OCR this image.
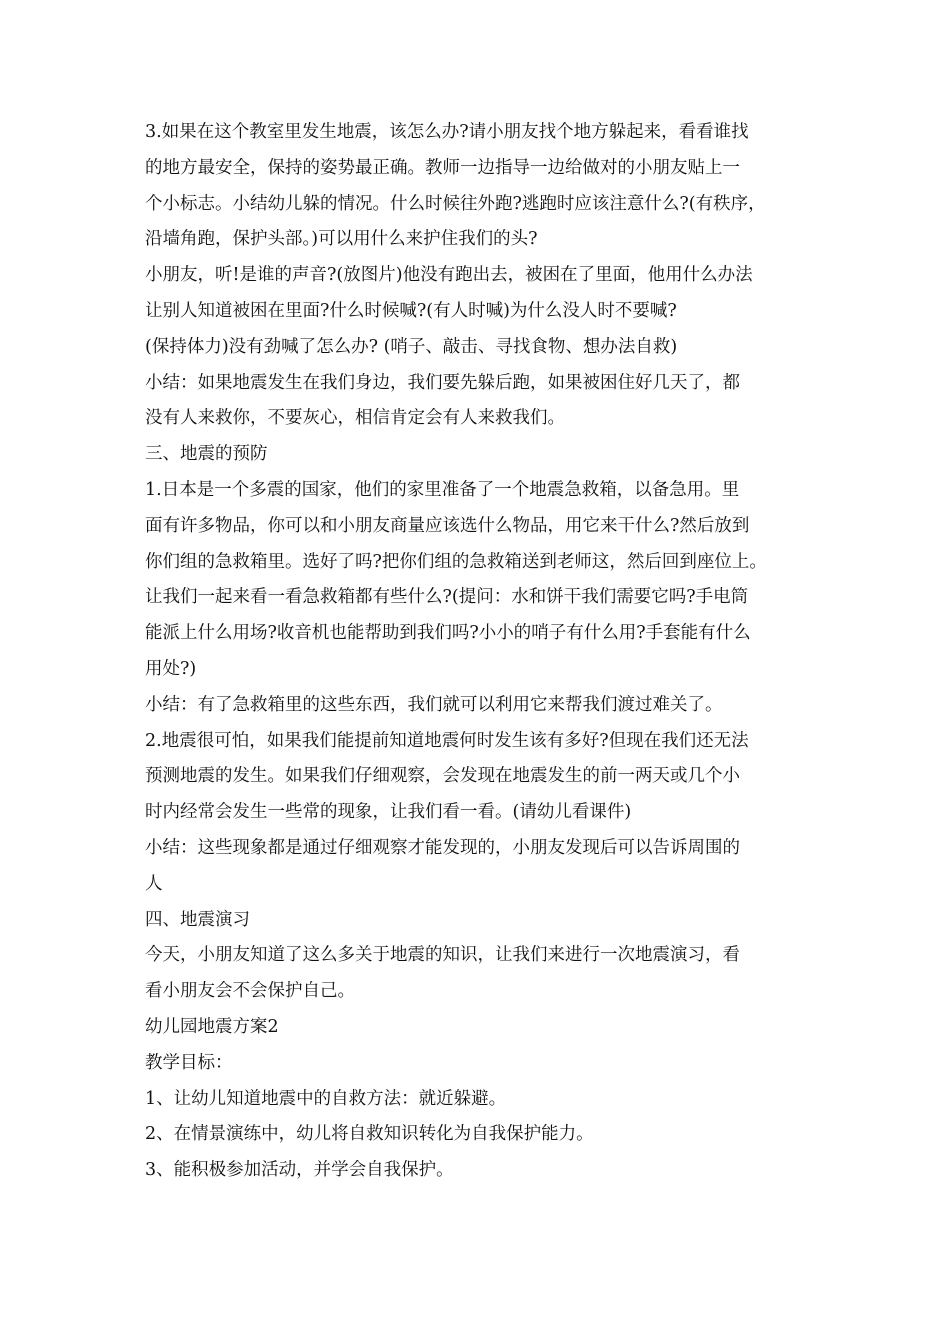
3.如果在这个教室里发生地震，该怎么办?请小朋友找个地方躲起来，看看谁找
的地方最安全，保持的姿势最正确。教师一边指导一边给做对的小朋友贴上一
个小标志。小结幼儿躲的情况。什么时候往外跑?逃跑时应该注意什么?(有秩序，
沿墙角跑，保护头部。)可以用什么来护住我们的头?
小朋友，听!是谁的声音?(放图片)他没有跑出去，被困在了里面，他用什么办法
让别人知道被困在里面?什么时候喊?(有人时喊)为什么没人时不要喊?
(保持体力)没有劲喊了怎么办? (哨子、敲击、寻找食物、想办法自救)
小结：如果地震发生在我们身边，我们要先躲后跑，如果被困住好几天了，都
没有人来救你，不要灰心，相信肯定会有人来救我们。
三、地震的预防
1.日本是一个多震的国家，他们的家里准备了一个地震急救箱，以备急用。里
面有许多物品，你可以和小朋友商量应该选什么物品，用它来干什么?然后放到
你们组的急救箱里。选好了吗?把你们组的急救箱送到老师这，然后回到座位上。
让我们一起来看一看急救箱都有些什么?(提问：水和饼干我们需要它吗?手电筒
能派上什么用场?收音机也能帮助到我们吗?小小的哨子有什么用?手套能有什么
用处?)
小结：有了急救箱里的这些东西，我们就可以利用它来帮我们渡过难关了。
2.地震很可怕，如果我们能提前知道地震何时发生该有多好?但现在我们还无法
预测地震的发生。如果我们仔细观察，会发现在地震发生的前一两天或几个小
时内经常会发生一些常的现象，让我们看一看。(请幼儿看课件)
小结：这些现象都是通过仔细观察才能发现的，小朋友发现后可以告诉周围的
人
四、地震演习
今天，小朋友知道了这么多关于地震的知识，让我们来进行一次地震演习，看
看小朋友会不会保护自己。
幼儿园地震方案2
教学目标：
1、让幼儿知道地震中的自救方法：就近躲避。
2、在情景演练中，幼儿将自救知识转化为自我保护能力。
3、能积极参加活动，并学会自我保护。
